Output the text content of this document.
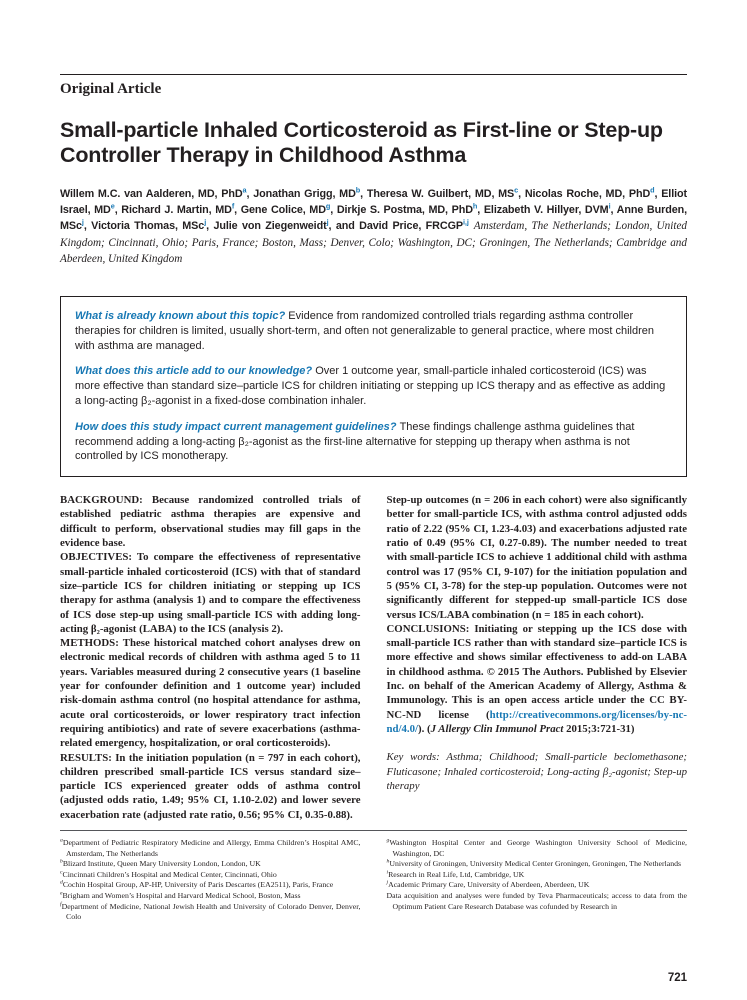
Original Article
Small-particle Inhaled Corticosteroid as First-line or Step-up Controller Therapy in Childhood Asthma

Willem M.C. van Aalderen, MD, PhD$^a$, Jonathan Grigg, $MD^b$, Theresa W. Guilbert, MD, $MS^c$, Nicolas Roche, MD, PhD$^d$, Elliot Israel, MDe, Richard J. Martin, $MD^f$, Gene Colice, $MD^g$, Dirkje S. Postma, MD, PhD$^h$, Elizabeth V. Hillyer, DVM$^i$, Anne Burden, MSc$^j$, Victoria Thomas, MSc$^j$, Julie von Ziegenweidt$^j$, and David Price, FRCGP$^{i,j}$ Amsterdam, The Netherlands; London, United Kingdom; Cincinnati, Ohio; Paris, France; Boston, Mass; Denver, Colo; Washington, DC; Groningen, The Netherlands; Cambridge and Aberdeen, United Kingdom

What is already known about this topic? Evidence from randomized controlled trials regarding asthma controller therapies for children is limited, usually short-term, and often not generalizable to general practice, where most children with asthma are managed.

What does this article add to our knowledge? Over 1 outcome year, small-particle inhaled corticosteroid (ICS) was more effective than standard size–particle ICS for children initiating or stepping up ICS therapy and as effective as adding a long-acting β₂-agonist in a fixed-dose combination inhaler.

How does this study impact current management guidelines? These findings challenge asthma guidelines that recommend adding a long-acting β₂-agonist as the first-line alternative for stepping up therapy when asthma is not controlled by ICS monotherapy.

BACKGROUND: Because randomized controlled trials of established pediatric asthma therapies are expensive and difficult to perform, observational studies may fill gaps in the evidence base.

OBJECTIVES: To compare the effectiveness of representative small-particle inhaled corticosteroid (ICS) with that of standard size–particle ICS for children initiating or stepping up ICS therapy for asthma (analysis 1) and to compare the effectiveness of ICS dose step-up using small-particle ICS with adding long-acting β₂-agonist (LABA) to the ICS (analysis 2).

METHODS: These historical matched cohort analyses drew on electronic medical records of children with asthma aged 5 to 11 years. Variables measured during 2 consecutive years (1 baseline year for confounder definition and 1 outcome year) included risk-domain asthma control (no hospital attendance for asthma, acute oral corticosteroids, or lower respiratory tract infection requiring antibiotics) and rate of severe exacerbations (asthma-related emergency, hospitalization, or oral corticosteroids).

RESULTS: In the initiation population (n = 797 in each cohort), children prescribed small-particle ICS versus standard size–particle ICS experienced greater odds of asthma control (adjusted odds ratio, 1.49; 95% CI, 1.10-2.02) and lower severe exacerbation rate (adjusted rate ratio, 0.56; 95% CI, 0.35-0.88).

Step-up outcomes (n = 206 in each cohort) were also significantly better for small-particle ICS, with asthma control adjusted odds ratio of 2.22 (95% CI, 1.23-4.03) and exacerbations adjusted rate ratio of 0.49 (95% CI, 0.27-0.89). The number needed to treat with small-particle ICS to achieve 1 additional child with asthma control was 17 (95% CI, 9-107) for the initiation population and 5 (95% CI, 3-78) for the step-up population. Outcomes were not significantly different for stepped-up small-particle ICS dose versus ICS/LABA combination (n = 185 in each cohort).

CONCLUSIONS: Initiating or stepping up the ICS dose with small-particle ICS rather than with standard size–particle ICS is more effective and shows similar effectiveness to add-on LABA in childhood asthma. © 2015 The Authors. Published by Elsevier Inc. on behalf of the American Academy of Allergy, Asthma & Immunology. This is an open access article under the CC BY-NC-ND license (http://creativecommons.org/licenses/by-nc-nd/4.0/). (J Allergy Clin Immunol Pract 2015;3:721-31)

Key words: Asthma; Childhood; Small-particle beclomethasone; Fluticasone; Inhaled corticosteroid; Long-acting β₂-agonist; Step-up therapy

$^a$Department of Pediatric Respiratory Medicine and Allergy, Emma Children’s Hospital AMC, Amsterdam, The Netherlands

$^b$Blizard Institute, Queen Mary University London, London, UK

$^c$Cincinnati Children’s Hospital and Medical Center, Cincinnati, Ohio

$^d$Cochin Hospital Group, AP-HP, University of Paris Descartes (EA2511), Paris, France

$^e$Brigham and Women’s Hospital and Harvard Medical School, Boston, Mass

$^f$Department of Medicine, National Jewish Health and University of Colorado Denver, Denver, Colo

$^g$Washington Hospital Center and George Washington University School of Medicine, Washington, DC

$^h$University of Groningen, University Medical Center Groningen, Groningen, The Netherlands

$^i$Research in Real Life, Ltd, Cambridge, UK

$^j$Academic Primary Care, University of Aberdeen, Aberdeen, UK

Data acquisition and analyses were funded by Teva Pharmaceuticals; access to data from the Optimum Patient Care Research Database was cofunded by Research in

721
